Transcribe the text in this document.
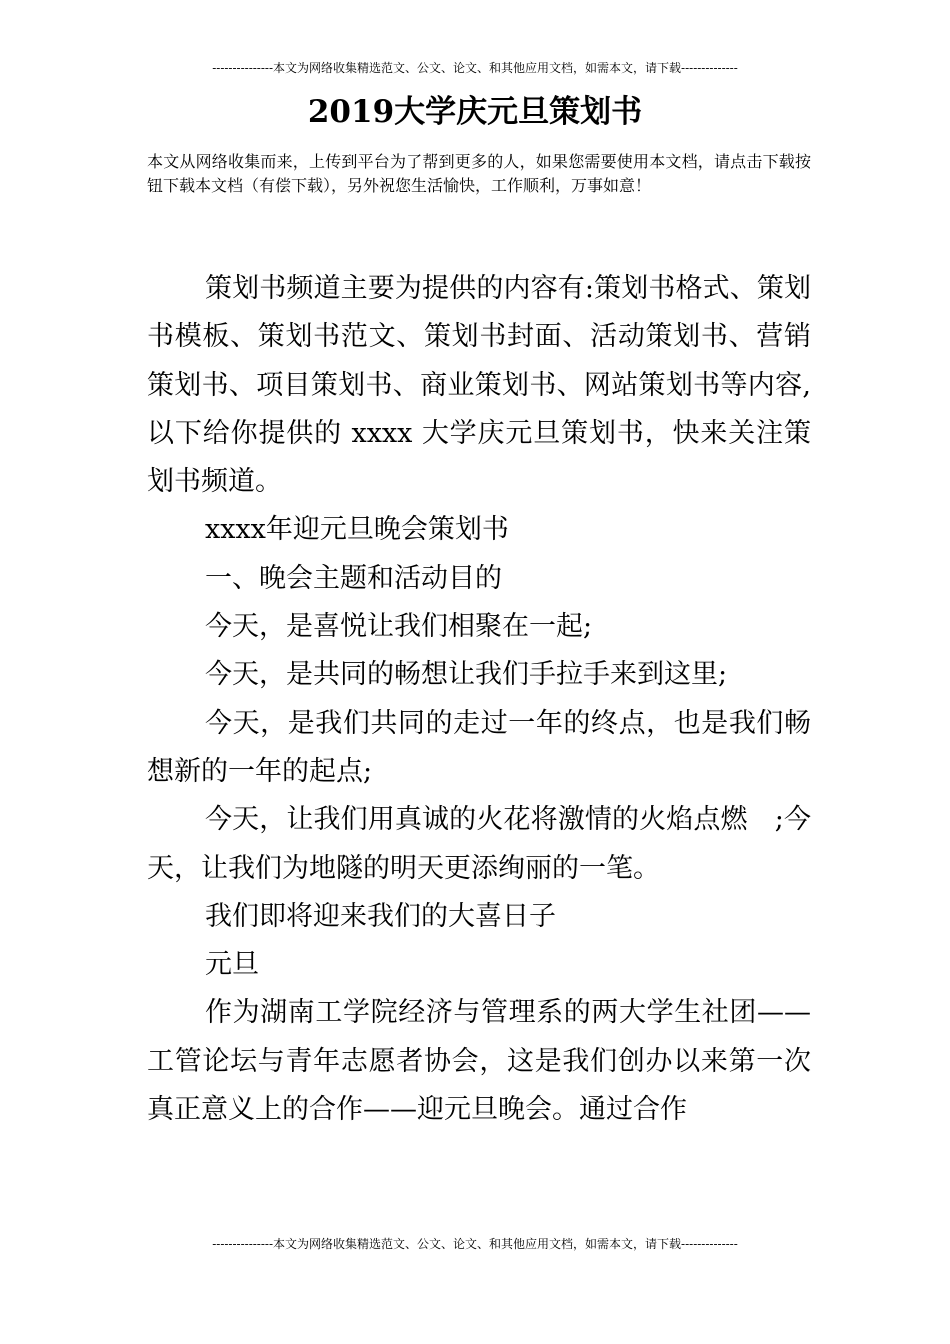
---------------本文为网络收集精选范文、公文、论文、和其他应用文档，如需本文，请下载--------------
2019大学庆元旦策划书
本文从网络收集而来，上传到平台为了帮到更多的人，如果您需要使用本文档，请点击下载按钮下载本文档（有偿下载），另外祝您生活愉快，工作顺利，万事如意！

策划书频道主要为提供的内容有:策划书格式、策划书模板、策划书范文、策划书封面、活动策划书、营销策划书、项目策划书、商业策划书、网站策划书等内容,以下给你提供的 xxxx 大学庆元旦策划书，快来关注策划书频道。

xxxx年迎元旦晚会策划书

一、晚会主题和活动目的

今天，是喜悦让我们相聚在一起;

今天，是共同的畅想让我们手拉手来到这里;

今天，是我们共同的走过一年的终点，也是我们畅想新的一年的起点;

今天，让我们用真诚的火花将激情的火焰点燃　;今天，让我们为地隧的明天更添绚丽的一笔。

我们即将迎来我们的大喜日子

元旦

作为湖南工学院经济与管理系的两大学生社团——工管论坛与青年志愿者协会，这是我们创办以来第一次真正意义上的合作——迎元旦晚会。通过合作

---------------本文为网络收集精选范文、公文、论文、和其他应用文档，如需本文，请下载--------------
